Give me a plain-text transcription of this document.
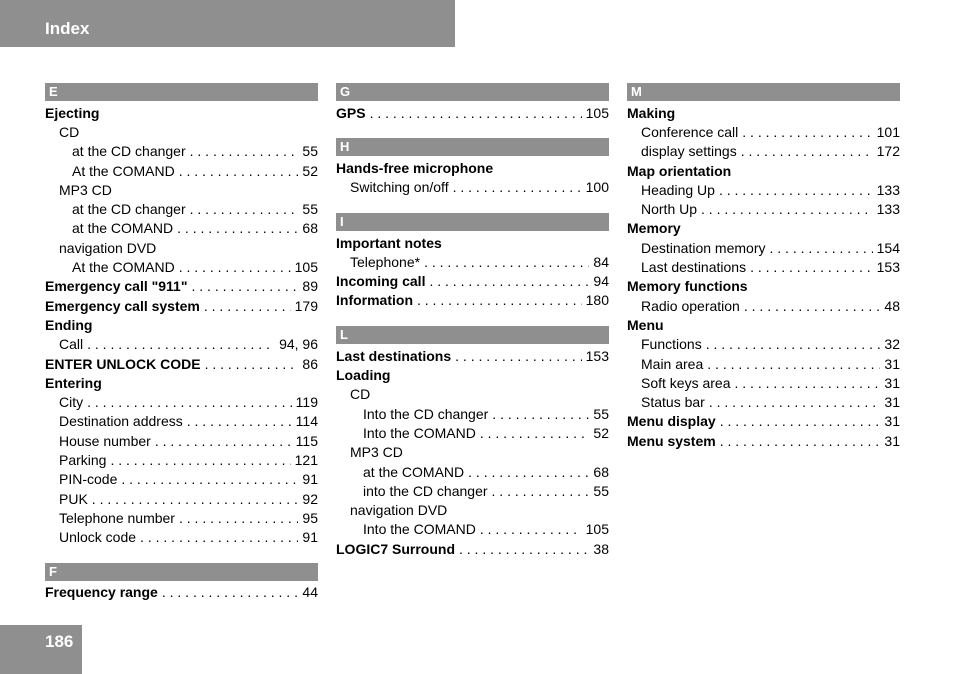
Index
E
Ejecting
CD
at the CD changer . . .	55
At the COMAND . . .	52
MP3 CD
at the CD changer . . .	55
at the COMAND . . .	68
navigation DVD
At the COMAND . . .	105
Emergency call "911" . . .	89
Emergency call system . . .	179
Ending
Call . . .	94, 96
ENTER UNLOCK CODE . . .	86
Entering
City . . .	119
Destination address . . .	114
House number . . .	115
Parking . . .	121
PIN-code . . .	91
PUK . . .	92
Telephone number . . .	95
Unlock code . . .	91
F
Frequency range . . .	44
G
GPS . . .	105
H
Hands-free microphone
Switching on/off . . .	100
I
Important notes
Telephone* . . .	84
Incoming call . . .	94
Information . . .	180
L
Last destinations . . .	153
Loading
CD
Into the CD changer . . .	55
Into the COMAND . . .	52
MP3 CD
at the COMAND . . .	68
into the CD changer . . .	55
navigation DVD
Into the COMAND . . .	105
LOGIC7 Surround . . .	38
M
Making
Conference call . . .	101
display settings . . .	172
Map orientation
Heading Up . . .	133
North Up . . .	133
Memory
Destination memory . . .	154
Last destinations . . .	153
Memory functions
Radio operation . . .	48
Menu
Functions . . .	32
Main area . . .	31
Soft keys area . . .	31
Status bar . . .	31
Menu display . . .	31
Menu system . . .	31
186
